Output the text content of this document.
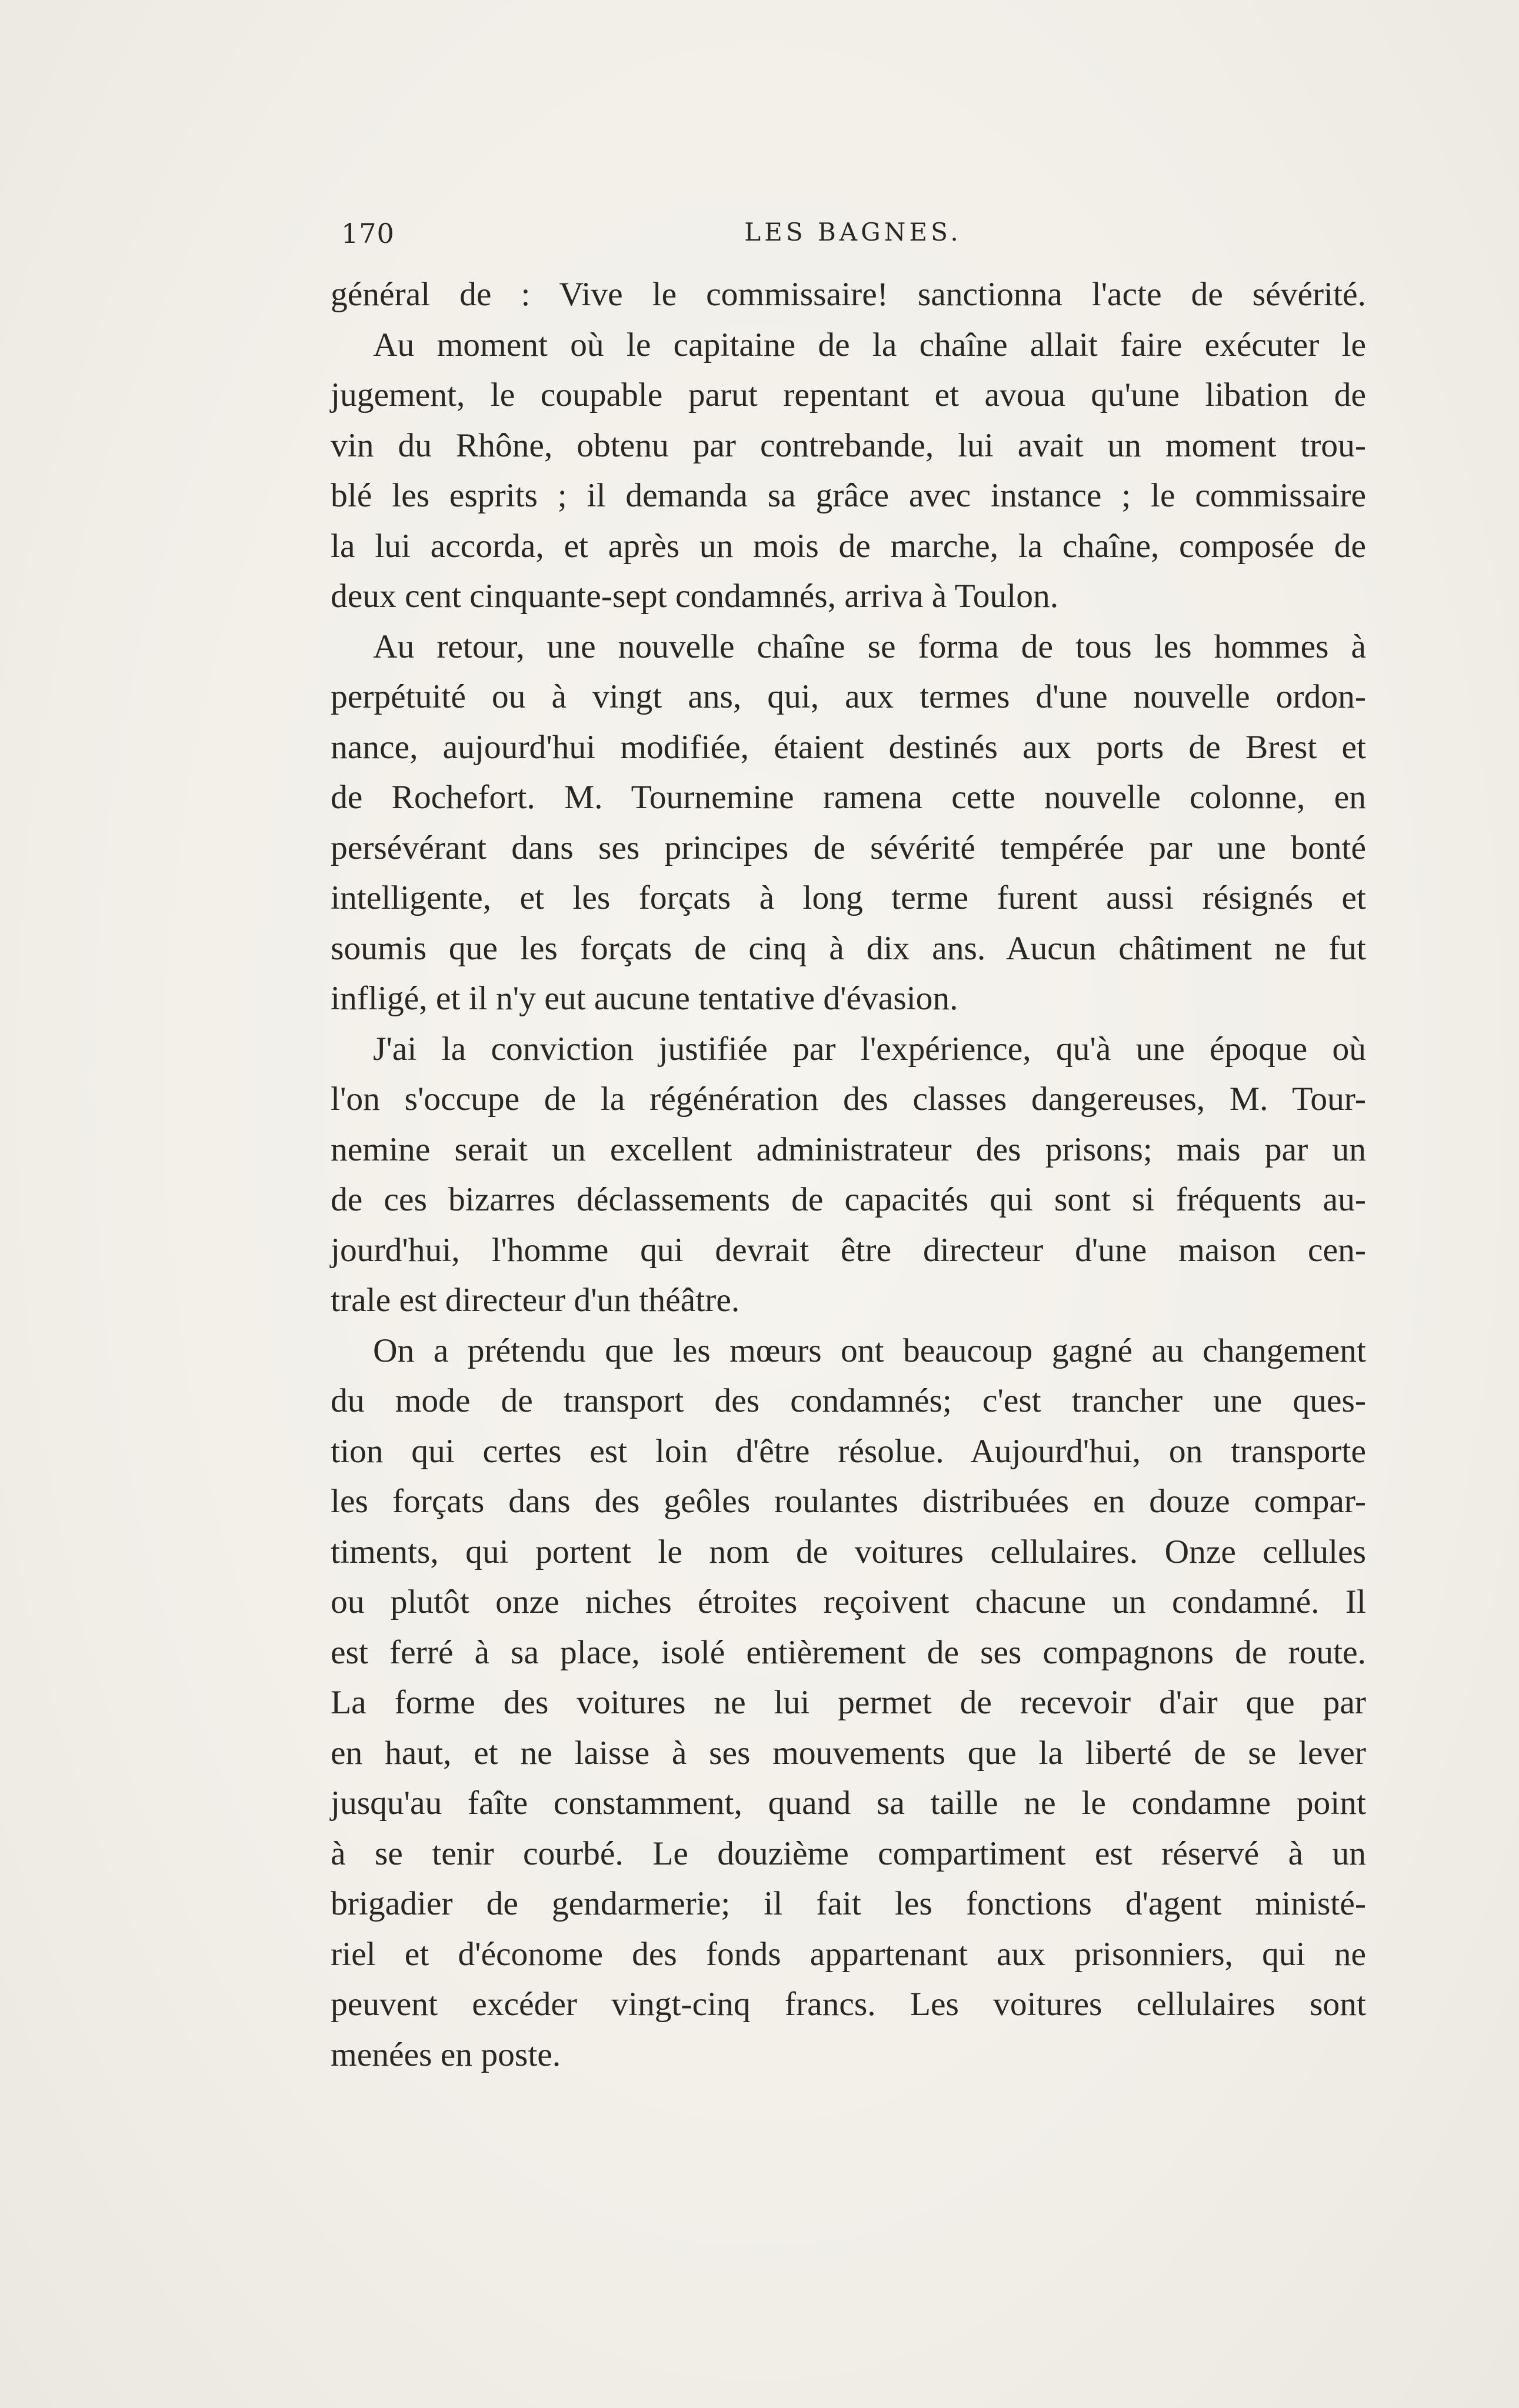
170	LES BAGNES.
général de : Vive le commissaire! sanctionna l'acte de sévérité.
Au moment où le capitaine de la chaîne allait faire exécuter le
jugement, le coupable parut repentant et avoua qu'une libation de
vin du Rhône, obtenu par contrebande, lui avait un moment trou-
blé les esprits ; il demanda sa grâce avec instance ; le commissaire
la lui accorda, et après un mois de marche, la chaîne, composée de
deux cent cinquante-sept condamnés, arriva à Toulon.
Au retour, une nouvelle chaîne se forma de tous les hommes à
perpétuité ou à vingt ans, qui, aux termes d'une nouvelle ordon-
nance, aujourd'hui modifiée, étaient destinés aux ports de Brest et
de Rochefort. M. Tournemine ramena cette nouvelle colonne, en
persévérant dans ses principes de sévérité tempérée par une bonté
intelligente, et les forçats à long terme furent aussi résignés et
soumis que les forçats de cinq à dix ans. Aucun châtiment ne fut
infligé, et il n'y eut aucune tentative d'évasion.
J'ai la conviction justifiée par l'expérience, qu'à une époque où
l'on s'occupe de la régénération des classes dangereuses, M. Tour-
nemine serait un excellent administrateur des prisons; mais par un
de ces bizarres déclassements de capacités qui sont si fréquents au-
jourd'hui, l'homme qui devrait être directeur d'une maison cen-
trale est directeur d'un théâtre.
On a prétendu que les mœurs ont beaucoup gagné au changement
du mode de transport des condamnés; c'est trancher une ques-
tion qui certes est loin d'être résolue. Aujourd'hui, on transporte
les forçats dans des geôles roulantes distribuées en douze compar-
timents, qui portent le nom de voitures cellulaires. Onze cellules
ou plutôt onze niches étroites reçoivent chacune un condamné. Il
est ferré à sa place, isolé entièrement de ses compagnons de route.
La forme des voitures ne lui permet de recevoir d'air que par
en haut, et ne laisse à ses mouvements que la liberté de se lever
jusqu'au faîte constamment, quand sa taille ne le condamne point
à se tenir courbé. Le douzième compartiment est réservé à un
brigadier de gendarmerie; il fait les fonctions d'agent ministé-
riel et d'économe des fonds appartenant aux prisonniers, qui ne
peuvent excéder vingt-cinq francs. Les voitures cellulaires sont
menées en poste.
